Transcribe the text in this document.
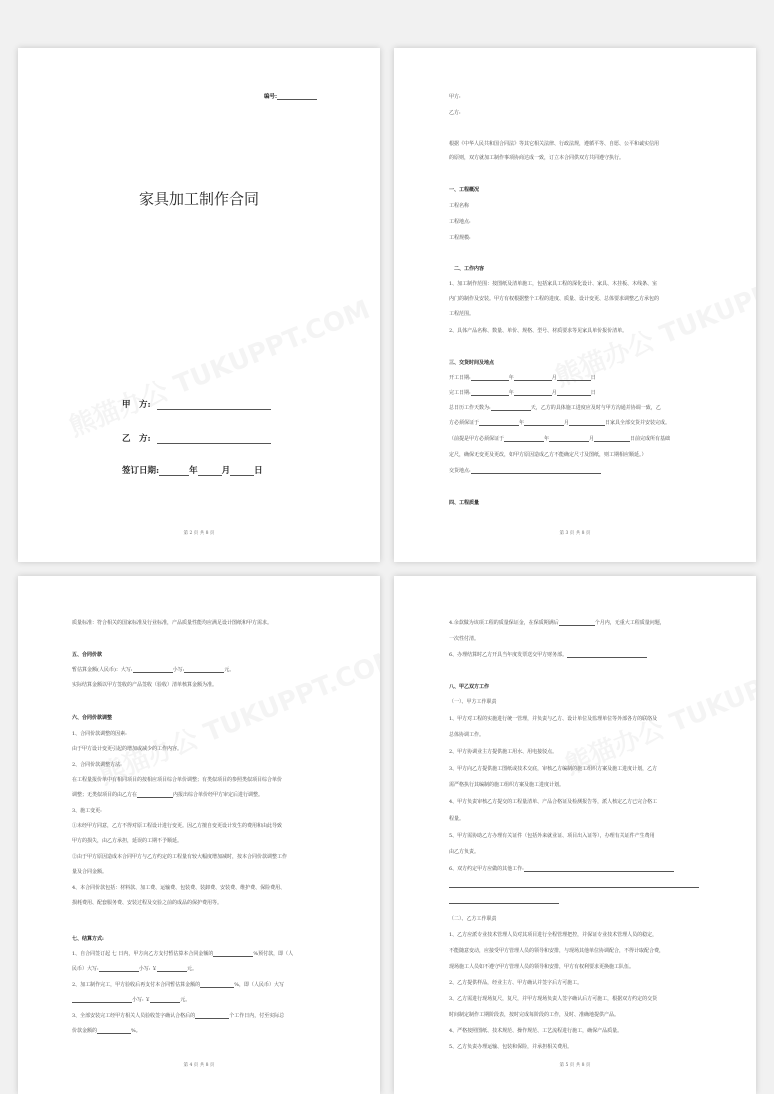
编号:
家具加工制作合同
甲　方:
乙　方:
签订日期:	年	月	日
第 2 页 共 8 页
甲方:
乙方:
根据《中华人民共和国合同法》等其它相关法律、行政法规，遵循平等、自愿、公平和诚实信用
的原则，双方就加工制作事项协商达成一致，订立本合同供双方共同遵守执行。
一、工程概况
工程名称
工程地点:
工程规模:
二、工作内容
1、加工制作范围：按图纸及清单施工，包括家具工程的深化设计、家具、木挂板、木线条、室
内门的制作及安装。甲方有权根据整个工程的进度、质量、设计变更、总体要求调整乙方承包的
工程范围。
2、具体产品名称、数量、单价、规格、型号、材质要求等见家具单价报价清单。
三、交货时间及地点
开工日期:	年	月	日
完工日期:	年	月	日
总日历工作天数为:	天，乙方的具体施工进度应及时与甲方沟通并协调一致，乙
方必须保证于	年	月	日家具全部交货并安装完成。
（前提是甲方必须保证于	年	月	日前完成所有基础
定尺，确保无变更及更改，如甲方原因造成乙方不能确定尺寸及图纸，则工期相应顺延。）
交货地点:
四、工程质量
第 3 页 共 8 页
质量标准：符合相关的国家标准及行业标准，产品质量性能均应满足设计图纸和甲方需求。
五、合同价款
暂估算金额(人民币)：大写:	小写:	元。
实际结算金额以甲方签收的产品签收（验收）清单核算金额为准。
六、合同价款调整
1、合同价款调整的因素:
由于甲方设计变更引起的增加或减少的工作内容。
2、合同价款调整方法:
在工程量报价单中有相同项目的按相应项目综合单价调整；有类似项目的参照类似项目综合单价
调整；无类似项目的由乙方在	内报出综合单价经甲方审定后进行调整。
3、施工变更:
①未经甲方同意，乙方不得对原工程设计进行变更。因乙方擅自变更设计发生的费用和由此导致
甲方的损失，由乙方承担，延误的工期不予顺延。
②由于甲方原因造成本合同甲方与乙方约定的工程量有较大幅度增加减时，按本合同价款调整工作
量及合同金额。
4、本合同价款包括：材料款、加工费、运输费、包装费、装卸费、安装费、维护费、保险费用、
损耗费用、配套服务费、安装过程及交验之前的成品的保护费用等。
七、结算方式:
1、自合同签订起 七 日内，甲方向乙方支付暂估算本合同金额的	%预付款，即（人
民币）大写:	小写: ￥	元。
2、加工制作完工，甲方验收后再支付本合同暂估算金额的	%，即（人民币）大写
小写: ￥	元。
3、全部安装完工经甲方相关人员验收签字确认合格后的	个工作日内，付至实际总
价款金额的	%。
第 4 页 共 8 页
4.余款做为该项工程的质量保证金，在保质期满后	个月内，无重大工程质量问题，
一次性付清。
6、办理结算时乙方开具当年度发票送交甲方财务部。
八、甲乙双方工作
（一）、甲方工作职责
1、甲方对工程的实施进行统一管理，并负责与乙方、设计单位及监理单位等外部各方的联络及
总体协调工作。
2、甲方协调业主方提供施工用水、用电接驳点。
3、甲方向乙方提供施工图纸或技术交底，审核乙方编制的施工组织方案及施工进度计划，乙方
需严格执行其编制的施工组织方案及施工进度计划。
4、甲方负责审核乙方提交的工程量清单、产品合格证及检测报告等，派人核定乙方已完合格工
程量。
5、甲方需协助乙方办理有关证件（包括外来就业证、项目出入证等），办理有关证件产生费用
由乙方负责。
6、双方约定甲方应做的其他工作:
（二）、乙方工作职责
1、乙方应派专业技术管理人员对其项目进行全程管理把控，并保证专业技术管理人员的稳定，
不能随意变动，应接受甲方管理人员的领导和安排，与现场其他单位协调配合，不得计取配合费，
现场施工人员如不遵守甲方管理人员的领导和安排，甲方有权利要求更换施工队伍。
2、乙方提供样品，经业主方、甲方确认并签字后方可施工。
3、乙方需进行现场复尺，复尺，并甲方现场负责人签字确认后方可施工，根据双方约定的交货
时间制定制作工期阶段表，按时完成每阶段的工作，及时、准确地提供产品。
4、严格按照图纸、技术规范、操作规范、工艺流程进行施工，确保产品质量。
5、乙方负责办理运输、包装和保险，并承担相关费用。
第 5 页 共 8 页
